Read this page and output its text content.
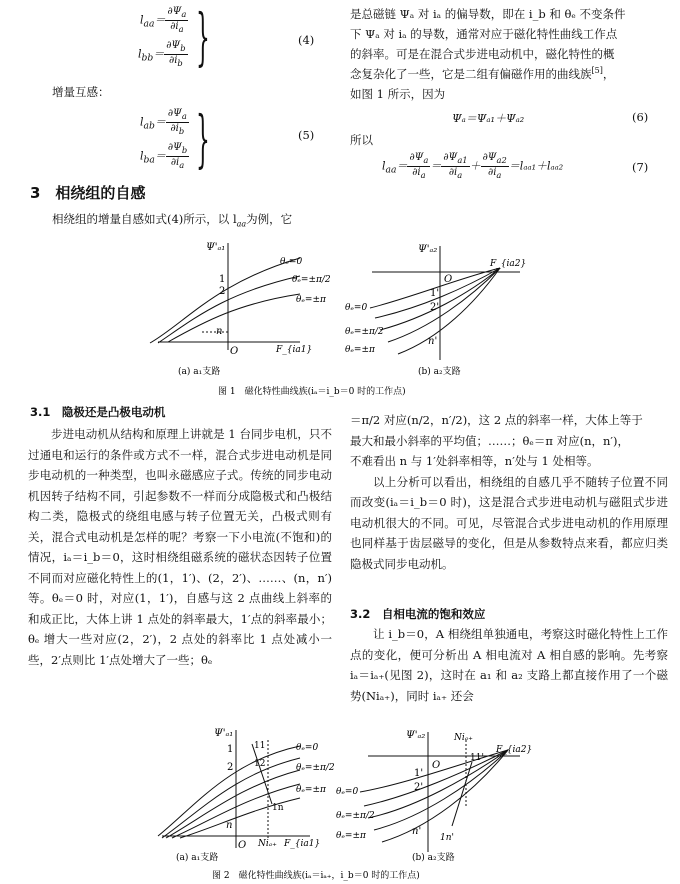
$l_{aa}= \frac{\partial\Psi_a}{\partial i_a}$
$l_{bb}= \frac{\partial\Psi_b}{\partial i_b}$ }	(4)
增量互感：
$l_{ab}= \frac{\partial\Psi_a}{\partial i_b}$
$l_{ba}= \frac{\partial\Psi_b}{\partial i_a}$ }	(5)
3　相绕组的自感
相绕组的增量自感如式(4)所示，以 $l_{aa}$为例，它
是总磁链 Ψₐ 对 iₐ 的偏导数，即在 i_b 和 θₑ 不变条件
下 Ψₐ 对 iₐ 的导数，通常对应于磁化特性曲线工作点
的斜率。可是在混合式步进电动机中，磁化特性的概
念复杂化了一些，它是二组有偏磁作用的曲线族[5]，
如图 1 所示，因为
Ψₐ＝Ψₐ₁＋Ψₐ₂	(6)
所以
$l_{aa}= \frac{\partial\Psi_a}{\partial i_a} = \frac{\partial\Psi_{a1}}{\partial i_a} + \frac{\partial\Psi_{a2}}{\partial i_a} =l_{aa1}+l_{aa2}$	(7)
Ψ'ₐ₁
F_{ia1}
O
θₑ=0
θₑ=±π/2
θₑ=±π
1
2
n
(a) a₁支路
Ψ'ₐ₂
F_{ia2}
O
θₑ=0
θₑ=±π/2
θₑ=±π
1'
2'
n'
(b) a₂支路
图 1　磁化特性曲线族(iₐ＝i_b＝0 时的工作点)
3.1　隐极还是凸极电动机

步进电动机从结构和原理上讲就是 1 台同步电机，只不过通电和运行的条件或方式不一样，混合式步进电动机是同步电动机的一种类型，也叫永磁感应子式。传统的同步电动机因转子结构不同，引起参数不一样而分成隐极式和凸极结构二类，隐极式的绕组电感与转子位置无关，凸极式则有关，混合式电动机是怎样的呢？考察一下小电流(不饱和)的情况，iₐ＝i_b＝0，这时相绕组磁系统的磁状态因转子位置不同而对应磁化特性上的(1，1′)、(2，2′)、……、(n，n′)等。θₑ＝0 时，对应(1，1′)，自感与这 2 点曲线上斜率的和成正比，大体上讲 1 点处的斜率最大，1′点的斜率最小；θₑ 增大一些对应(2，2′)，2 点处的斜率比 1 点处减小一些，2′点则比 1′点处增大了一些；θₑ

＝π/2 对应(n/2，n′/2)，这 2 点的斜率一样，大体上等于

最大和最小斜率的平均值；……；θₑ＝π 对应(n，n′)，

不难看出 n 与 1′处斜率相等，n′处与 1 处相等。

以上分析可以看出，相绕组的自感几乎不随转子位置不同而改变(iₐ＝i_b＝0 时)，这是混合式步进电动机与磁阻式步进电动机很大的不同。可见，尽管混合式步进电动机的作用原理也同样基于齿层磁导的变化，但是从参数特点来看，都应归类隐极式同步电动机。

3.2　自相电流的饱和效应

让 i_b＝0，A 相绕组单独通电，考察这时磁化特性上工作点的变化，便可分析出 A 相电流对 A 相自感的影响。先考察 iₐ＝iₐ₊(见图 2)，这时在 a₁ 和 a₂ 支路上都直接作用了一个磁势(Niₐ₊)，同时 iₐ₊ 还会

Ψ'ₐ₁
F_{ia1}
Niₐ₊
O
θₑ=0
θₑ=±π/2
θₑ=±π
1
2
n
11
12
1n
(a) a₁支路
Ψ'ₐ₂
F_{ia2}
Niₐ₊
O
θₑ=0
θₑ=±π/2
θₑ=±π
1'
2'
n'
1n'
11'
(b) a₂支路
图 2　磁化特性曲线族(iₐ＝iₐ₊，i_b＝0 时的工作点)
